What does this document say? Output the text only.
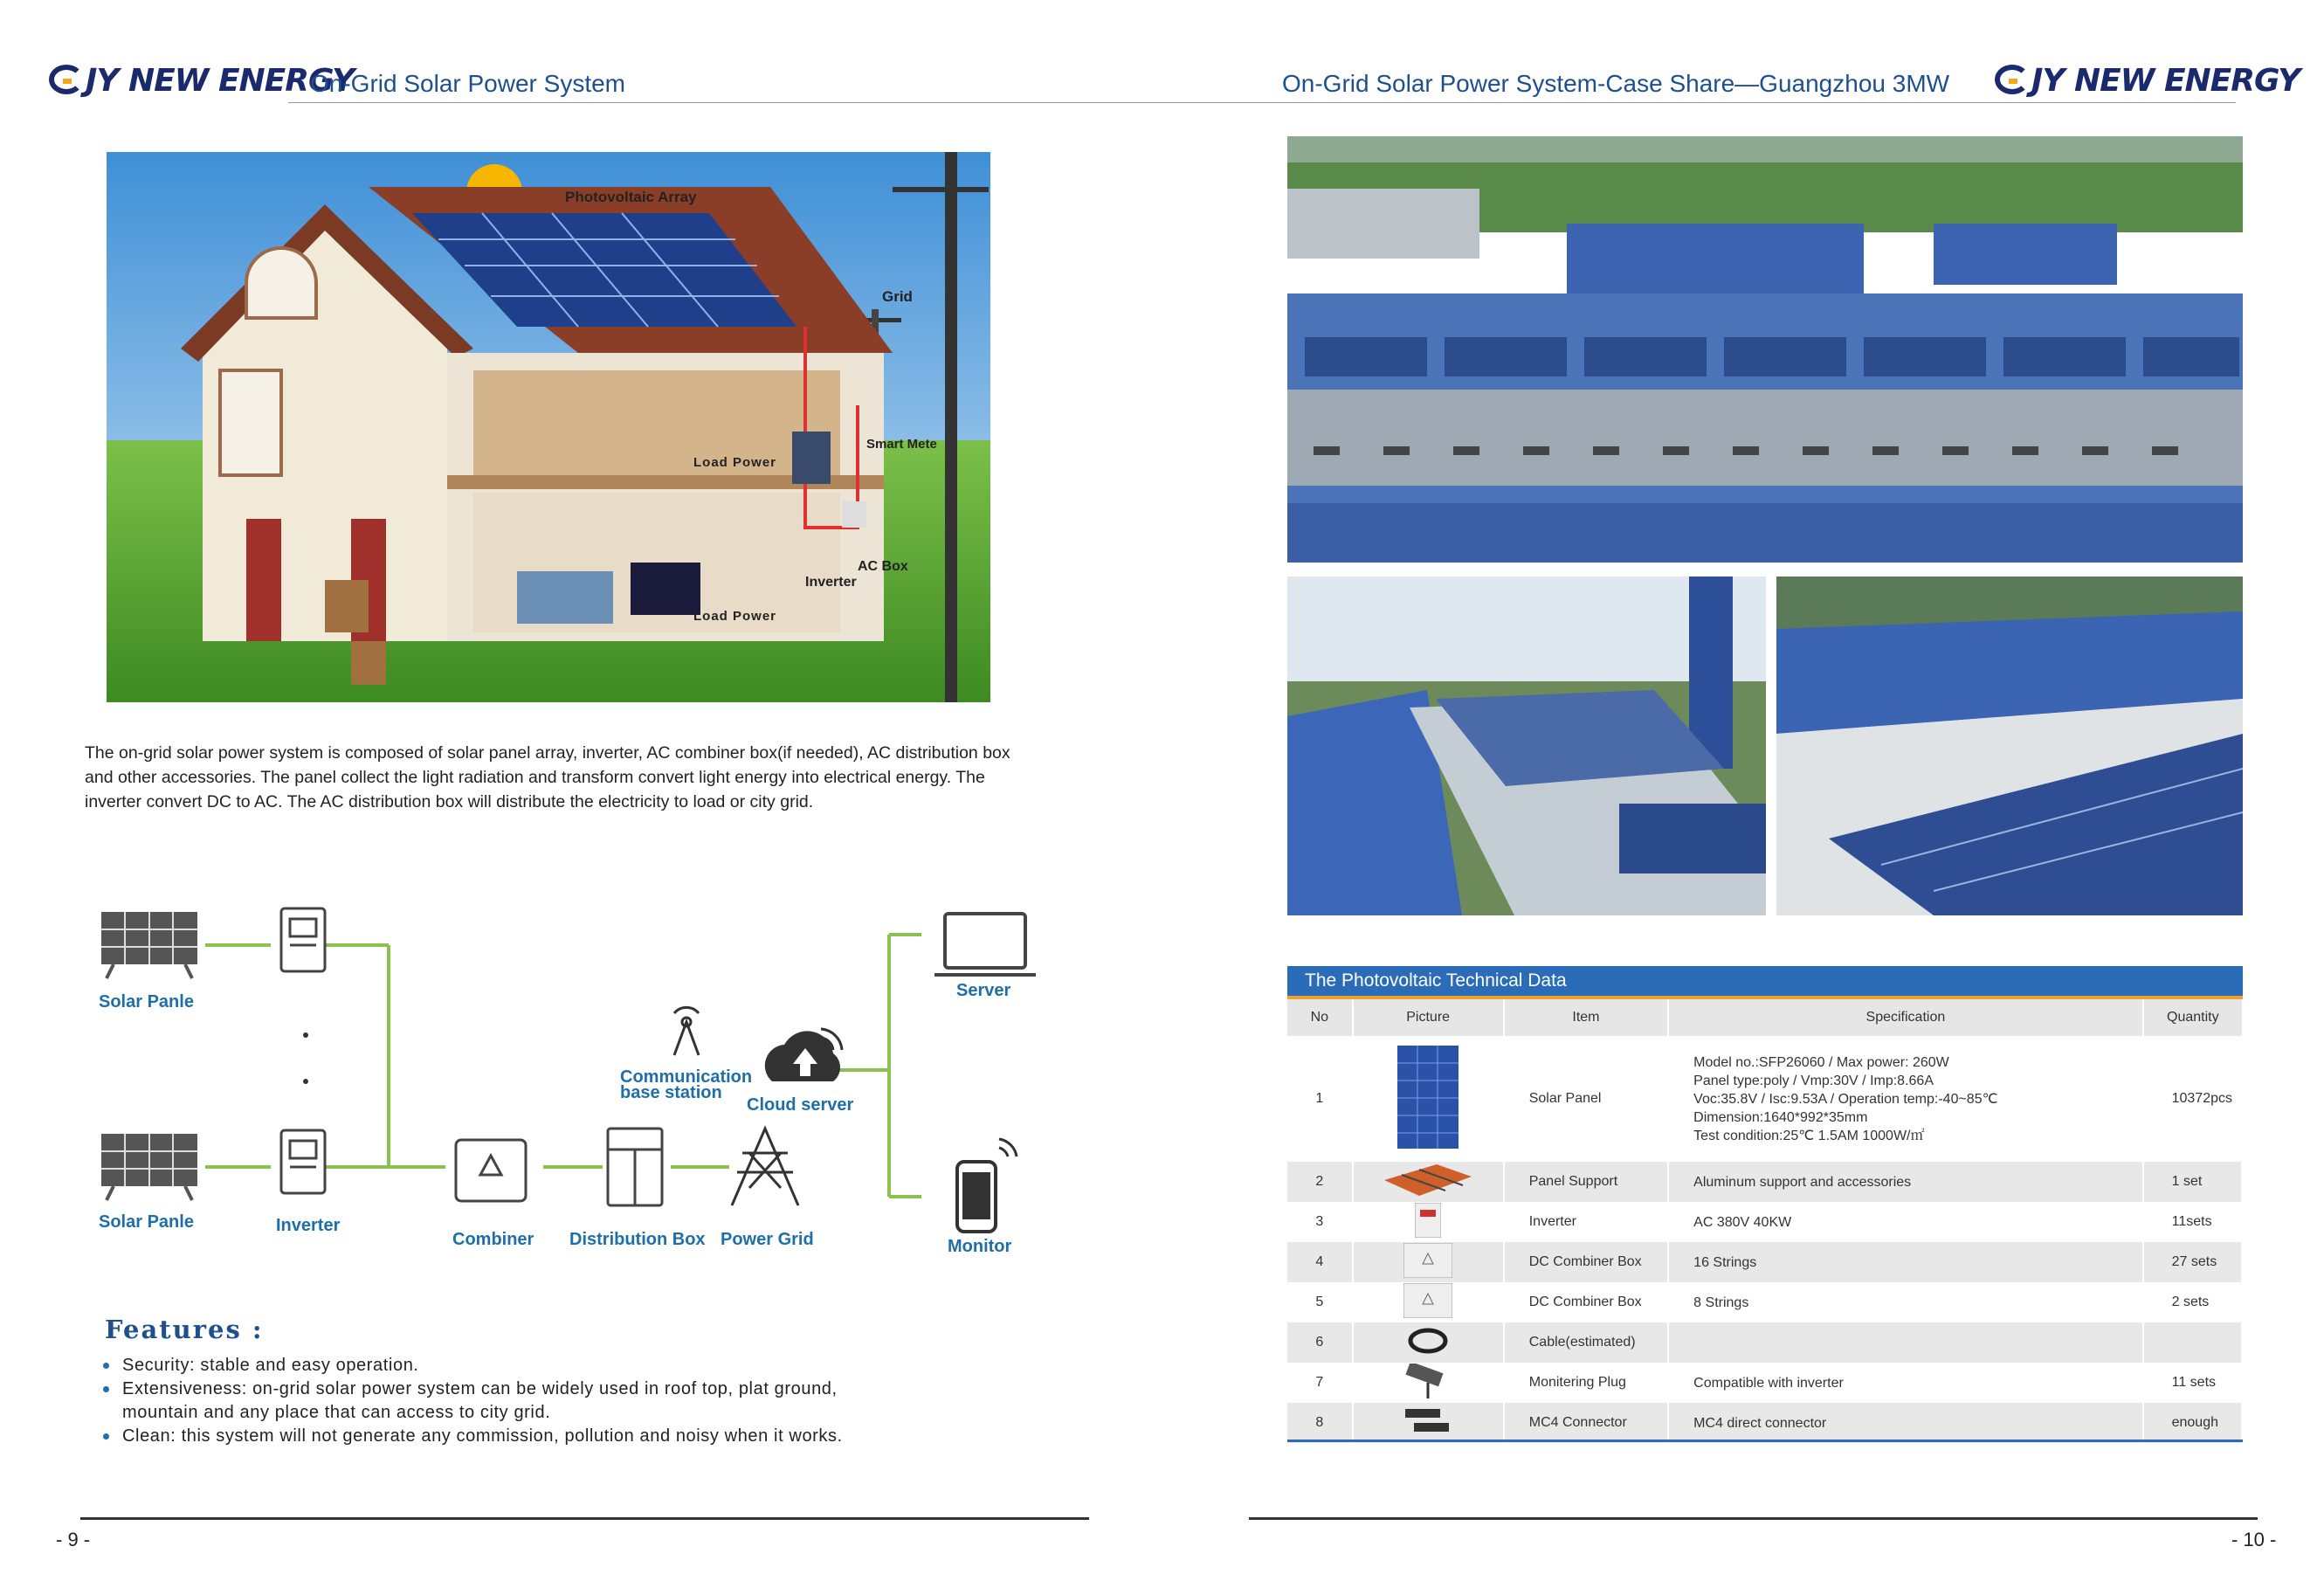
JY NEW ENERGY
On-Grid Solar Power System
Photovoltaic Array
Grid
Smart Mete
Load Power
Load Power
AC Box
Inverter
The on-grid solar power system is composed of solar panel array, inverter, AC combiner box(if needed), AC distribution box and other accessories. The panel collect the light radiation and transform convert light energy into electrical energy. The inverter convert DC to AC. The AC distribution box will distribute the electricity to load or city grid.
Solar Panle
Solar Panle	Inverter
Combiner Distribution Box Power Grid
Communication base station
Cloud server
Server
Monitor
Features :
Security: stable and easy operation.
Extensiveness: on-grid solar power system can be widely used in roof top, plat ground, mountain and any place that can access to city grid.
Clean: this system will not generate any commission, pollution and noisy when it works.
- 9 -
On-Grid Solar Power System-Case Share—Guangzhou 3MW	JY NEW ENERGY
The Photovoltaic Technical Data
No	Picture	Item	Specification	Quantity
1		Solar Panel	Model no.:SFP26060 / Max power: 260W
Panel type:poly / Vmp:30V / Imp:8.66A
Voc:35.8V / Isc:9.53A / Operation temp:-40~85℃
Dimension:1640*992*35mm
Test condition:25℃ 1.5AM 1000W/㎡	10372pcs
2		Panel Support	Aluminum support and accessories	1 set
3		Inverter	AC 380V 40KW	11sets
4		DC Combiner Box	16 Strings	27 sets
5		DC Combiner Box	8 Strings	2 sets
6		Cable(estimated)	

7		Monitering Plug	Compatible with inverter	11 sets
8		MC4 Connector	MC4 direct connector	enough
- 10 -
